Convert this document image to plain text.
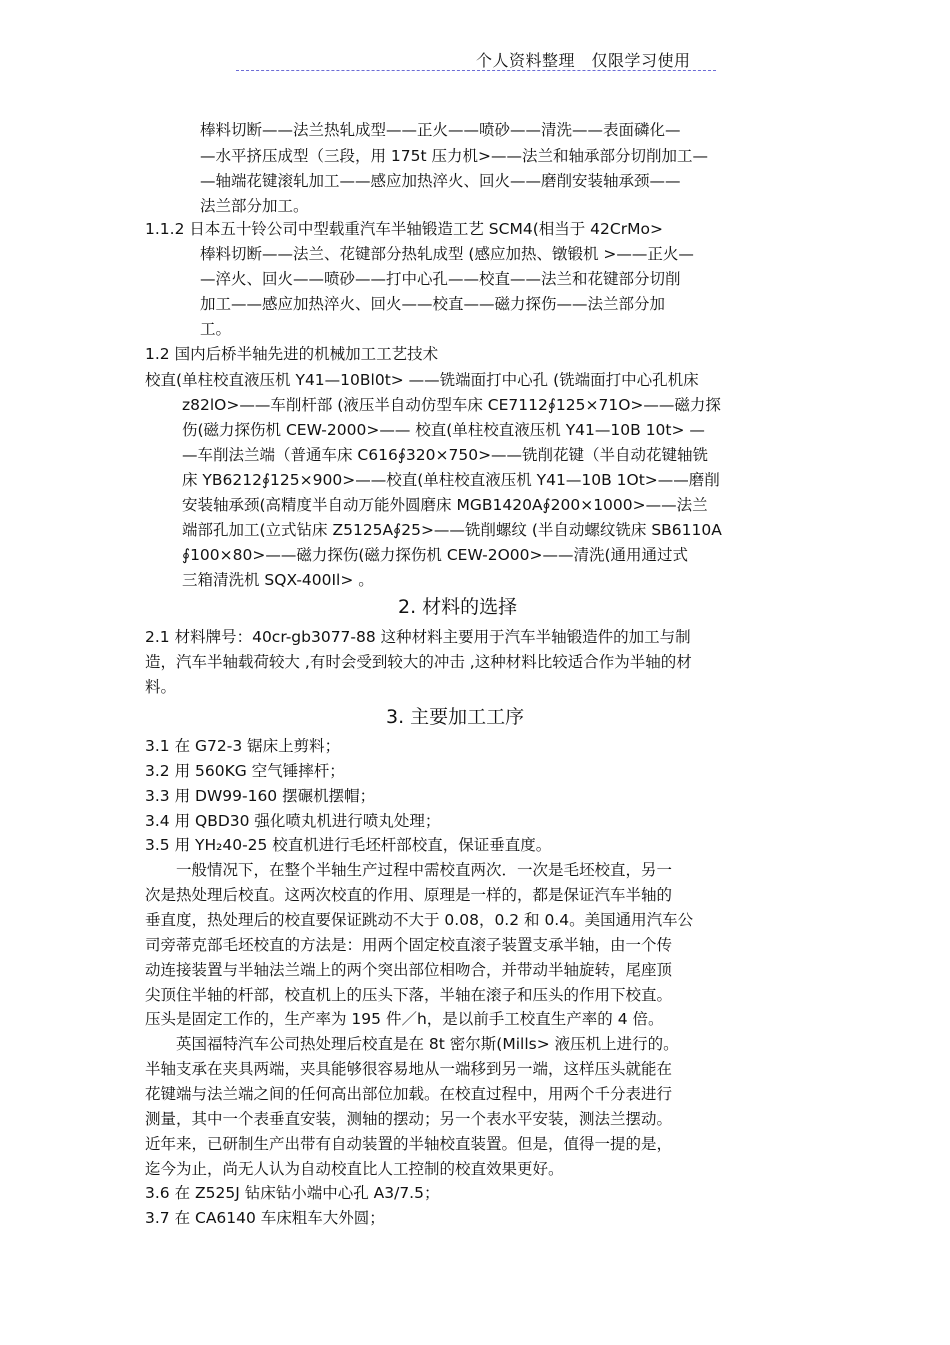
个人资料整理　仅限学习使用
棒料切断——法兰热轧成型——正火——喷砂——清洗——表面磷化—
—水平挤压成型（三段，用 175t 压力机>——法兰和轴承部分切削加工—
—轴端花键滚轧加工——感应加热淬火、回火——磨削安装轴承颈——
法兰部分加工。
1.1.2 日本五十铃公司中型载重汽车半轴锻造工艺 SCM4(相当于 42CrMo>
棒料切断——法兰、花键部分热轧成型 (感应加热、镦锻机 >——正火—
—淬火、回火——喷砂——打中心孔——校直——法兰和花键部分切削
加工——感应加热淬火、回火——校直——磁力探伤——法兰部分加
工。
1.2 国内后桥半轴先进的机械加工工艺技术
校直(单柱校直液压机 Y41—10Bl0t> ——铣端面打中心孔 (铣端面打中心孔机床
z82lO>——车削杆部 (液压半自动仿型车床 CE7112∮125×71O>——磁力探
伤(磁力探伤机 CEW-2000>—— 校直(单柱校直液压机 Y41—10B 10t> —
—车削法兰端（普通车床 C616∮320×750>——铣削花键（半自动花键轴铣
床 YB6212∮125×900>——校直(单柱校直液压机 Y41—10B 1Ot>——磨削
安装轴承颈(高精度半自动万能外圆磨床 MGB1420A∮200×1000>——法兰
端部孔加工(立式钻床 Z5125A∮25>——铣削螺纹 (半自动螺纹铣床 SB6110A
∮100×80>——磁力探伤(磁力探伤机 CEW-2O00>——清洗(通用通过式
三箱清洗机 SQX-400Il> 。
2. 材料的选择
2.1 材料牌号：40cr-gb3077-88 这种材料主要用于汽车半轴锻造件的加工与制
造，汽车半轴载荷较大 ,有时会受到较大的冲击 ,这种材料比较适合作为半轴的材
料。
3. 主要加工工序
3.1 在 G72-3 锯床上剪料；
3.2 用 560KG 空气锤摔杆；
3.3 用 DW99-160 摆碾机摆帽；
3.4 用 QBD30 强化喷丸机进行喷丸处理；
3.5 用 YH₂40-25 校直机进行毛坯杆部校直，保证垂直度。
一般情况下，在整个半轴生产过程中需校直两次．一次是毛坯校直，另一
次是热处理后校直。这两次校直的作用、原理是一样的，都是保证汽车半轴的
垂直度，热处理后的校直要保证跳动不大于 0.08，0.2 和 0.4。美国通用汽车公
司旁蒂克部毛坯校直的方法是：用两个固定校直滚子装置支承半轴，由一个传
动连接装置与半轴法兰端上的两个突出部位相吻合，并带动半轴旋转，尾座顶
尖顶住半轴的杆部，校直机上的压头下落，半轴在滚子和压头的作用下校直。
压头是固定工作的，生产率为 195 件／h，是以前手工校直生产率的 4 倍。
英国福特汽车公司热处理后校直是在 8t 密尔斯(Mills> 液压机上进行的。
半轴支承在夹具两端，夹具能够很容易地从一端移到另一端，这样压头就能在
花键端与法兰端之间的任何高出部位加载。在校直过程中，用两个千分表进行
测量，其中一个表垂直安装，测轴的摆动；另一个表水平安装，测法兰摆动。
近年来，已研制生产出带有自动装置的半轴校直装置。但是，值得一提的是，
迄今为止，尚无人认为自动校直比人工控制的校直效果更好。
3.6 在 Z525J 钻床钻小端中心孔 A3/7.5；
3.7 在 CA6140 车床粗车大外圆；
